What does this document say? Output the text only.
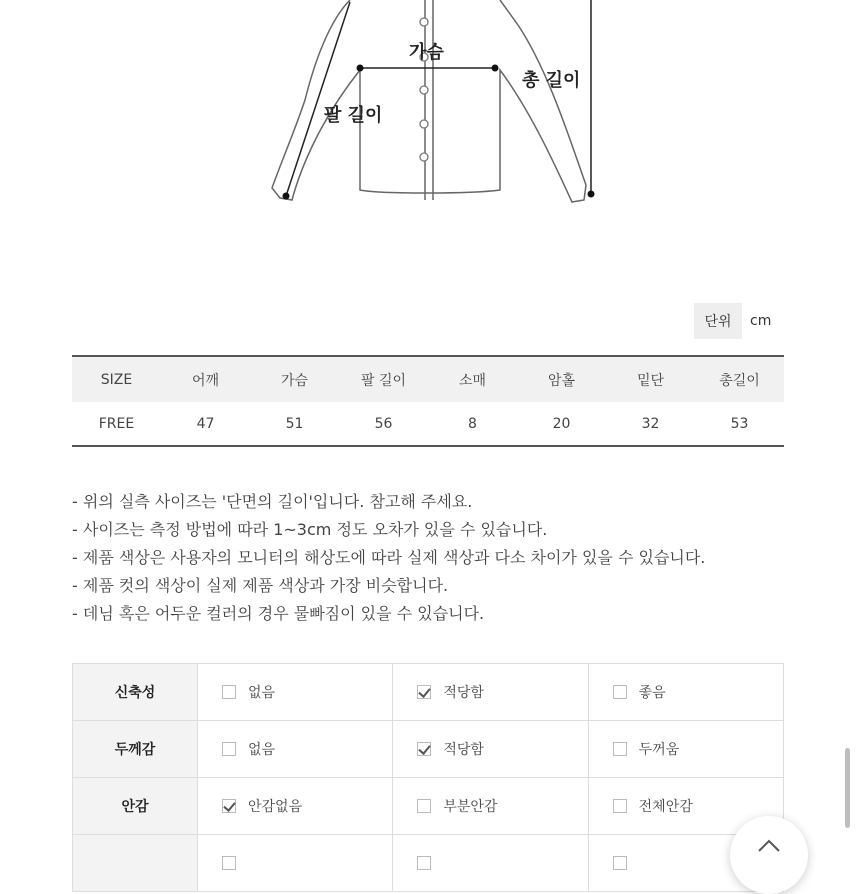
가슴
총 길이
팔 길이
단위	cm
SIZE	어깨	가슴	팔 길이	소매	암홀	밑단	총길이
FREE	47	51	56	8	20	32	53
- 위의 실측 사이즈는 '단면의 길이'입니다. 참고해 주세요.
- 사이즈는 측정 방법에 따라 1~3cm 정도 오차가 있을 수 있습니다.
- 제품 색상은 사용자의 모니터의 해상도에 따라 실제 색상과 다소 차이가 있을 수 있습니다.
- 제품 컷의 색상이 실제 제품 색상과 가장 비슷합니다.
- 데님 혹은 어두운 컬러의 경우 물빠짐이 있을 수 있습니다.
신축성	없음	적당함	좋음

두께감	없음	적당함	두꺼움

안감	안감없음	부분안감	전체안감
